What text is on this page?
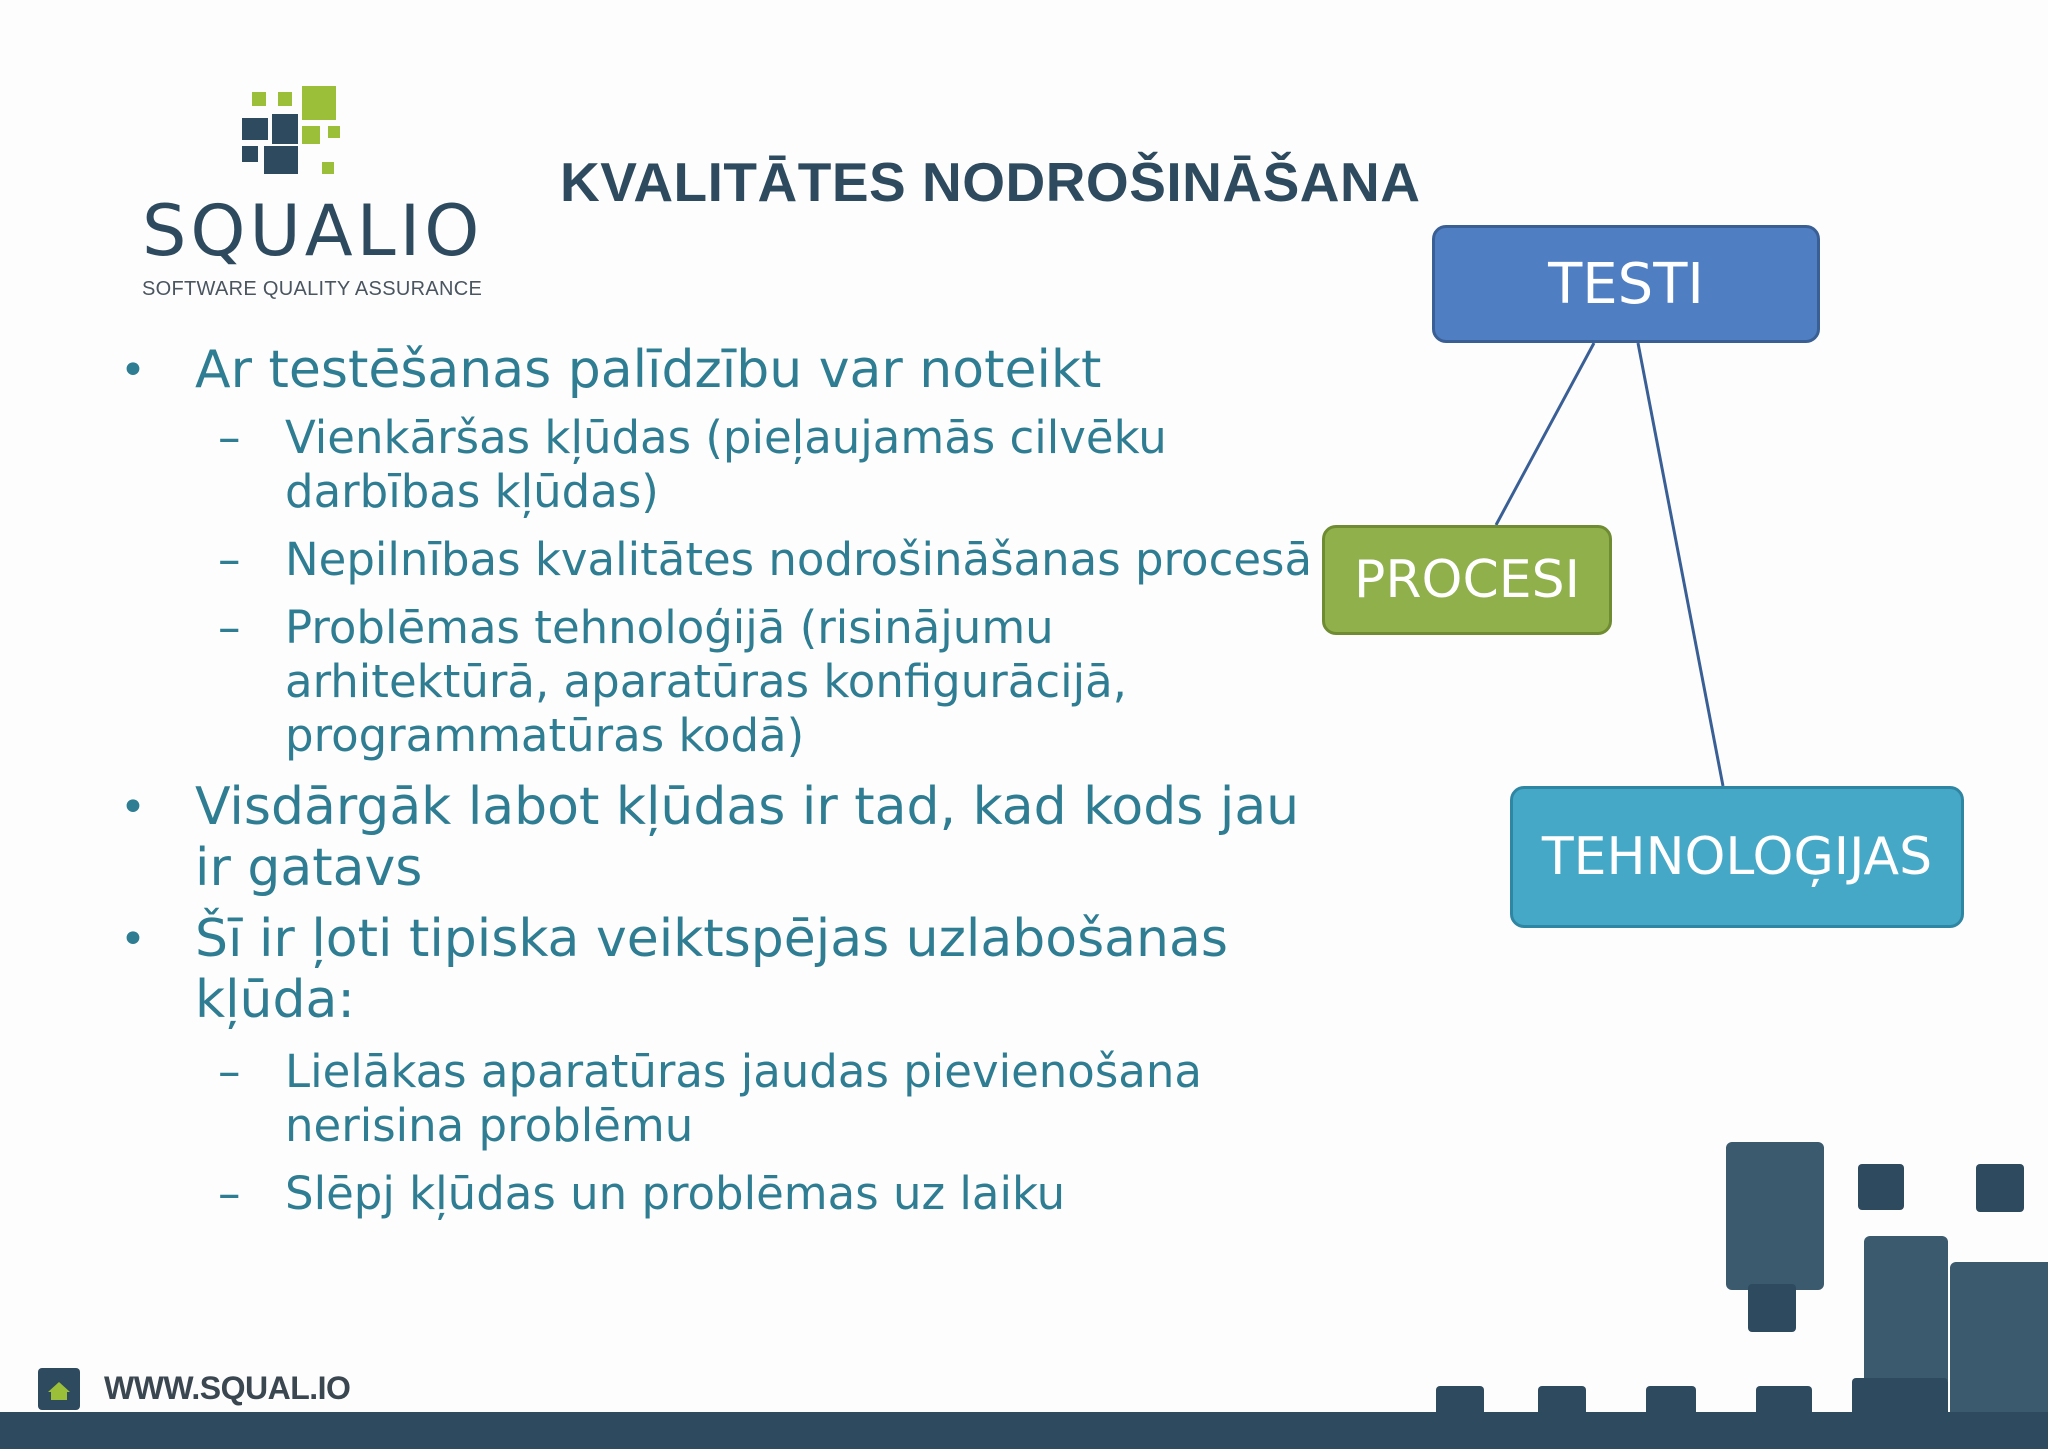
SQUALIO
SOFTWARE QUALITY ASSURANCE
KVALITĀTES NODROŠINĀŠANA
• Ar testēšanas palīdzību var noteikt
– Vienkāršas kļūdas (pieļaujamās cilvēku darbības kļūdas)
– Nepilnības kvalitātes nodrošināšanas procesā
– Problēmas tehnoloģijā (risinājumu arhitektūrā, aparatūras konfigurācijā, programmatūras kodā)
• Visdārgāk labot kļūdas ir tad, kad kods jau ir gatavs
• Šī ir ļoti tipiska veiktspējas uzlabošanas kļūda:
– Lielākas aparatūras jaudas pievienošana nerisina problēmu
– Slēpj kļūdas un problēmas uz laiku
TESTI
PROCESI
TEHNOLOĢIJAS
WWW.SQUAL.IO
